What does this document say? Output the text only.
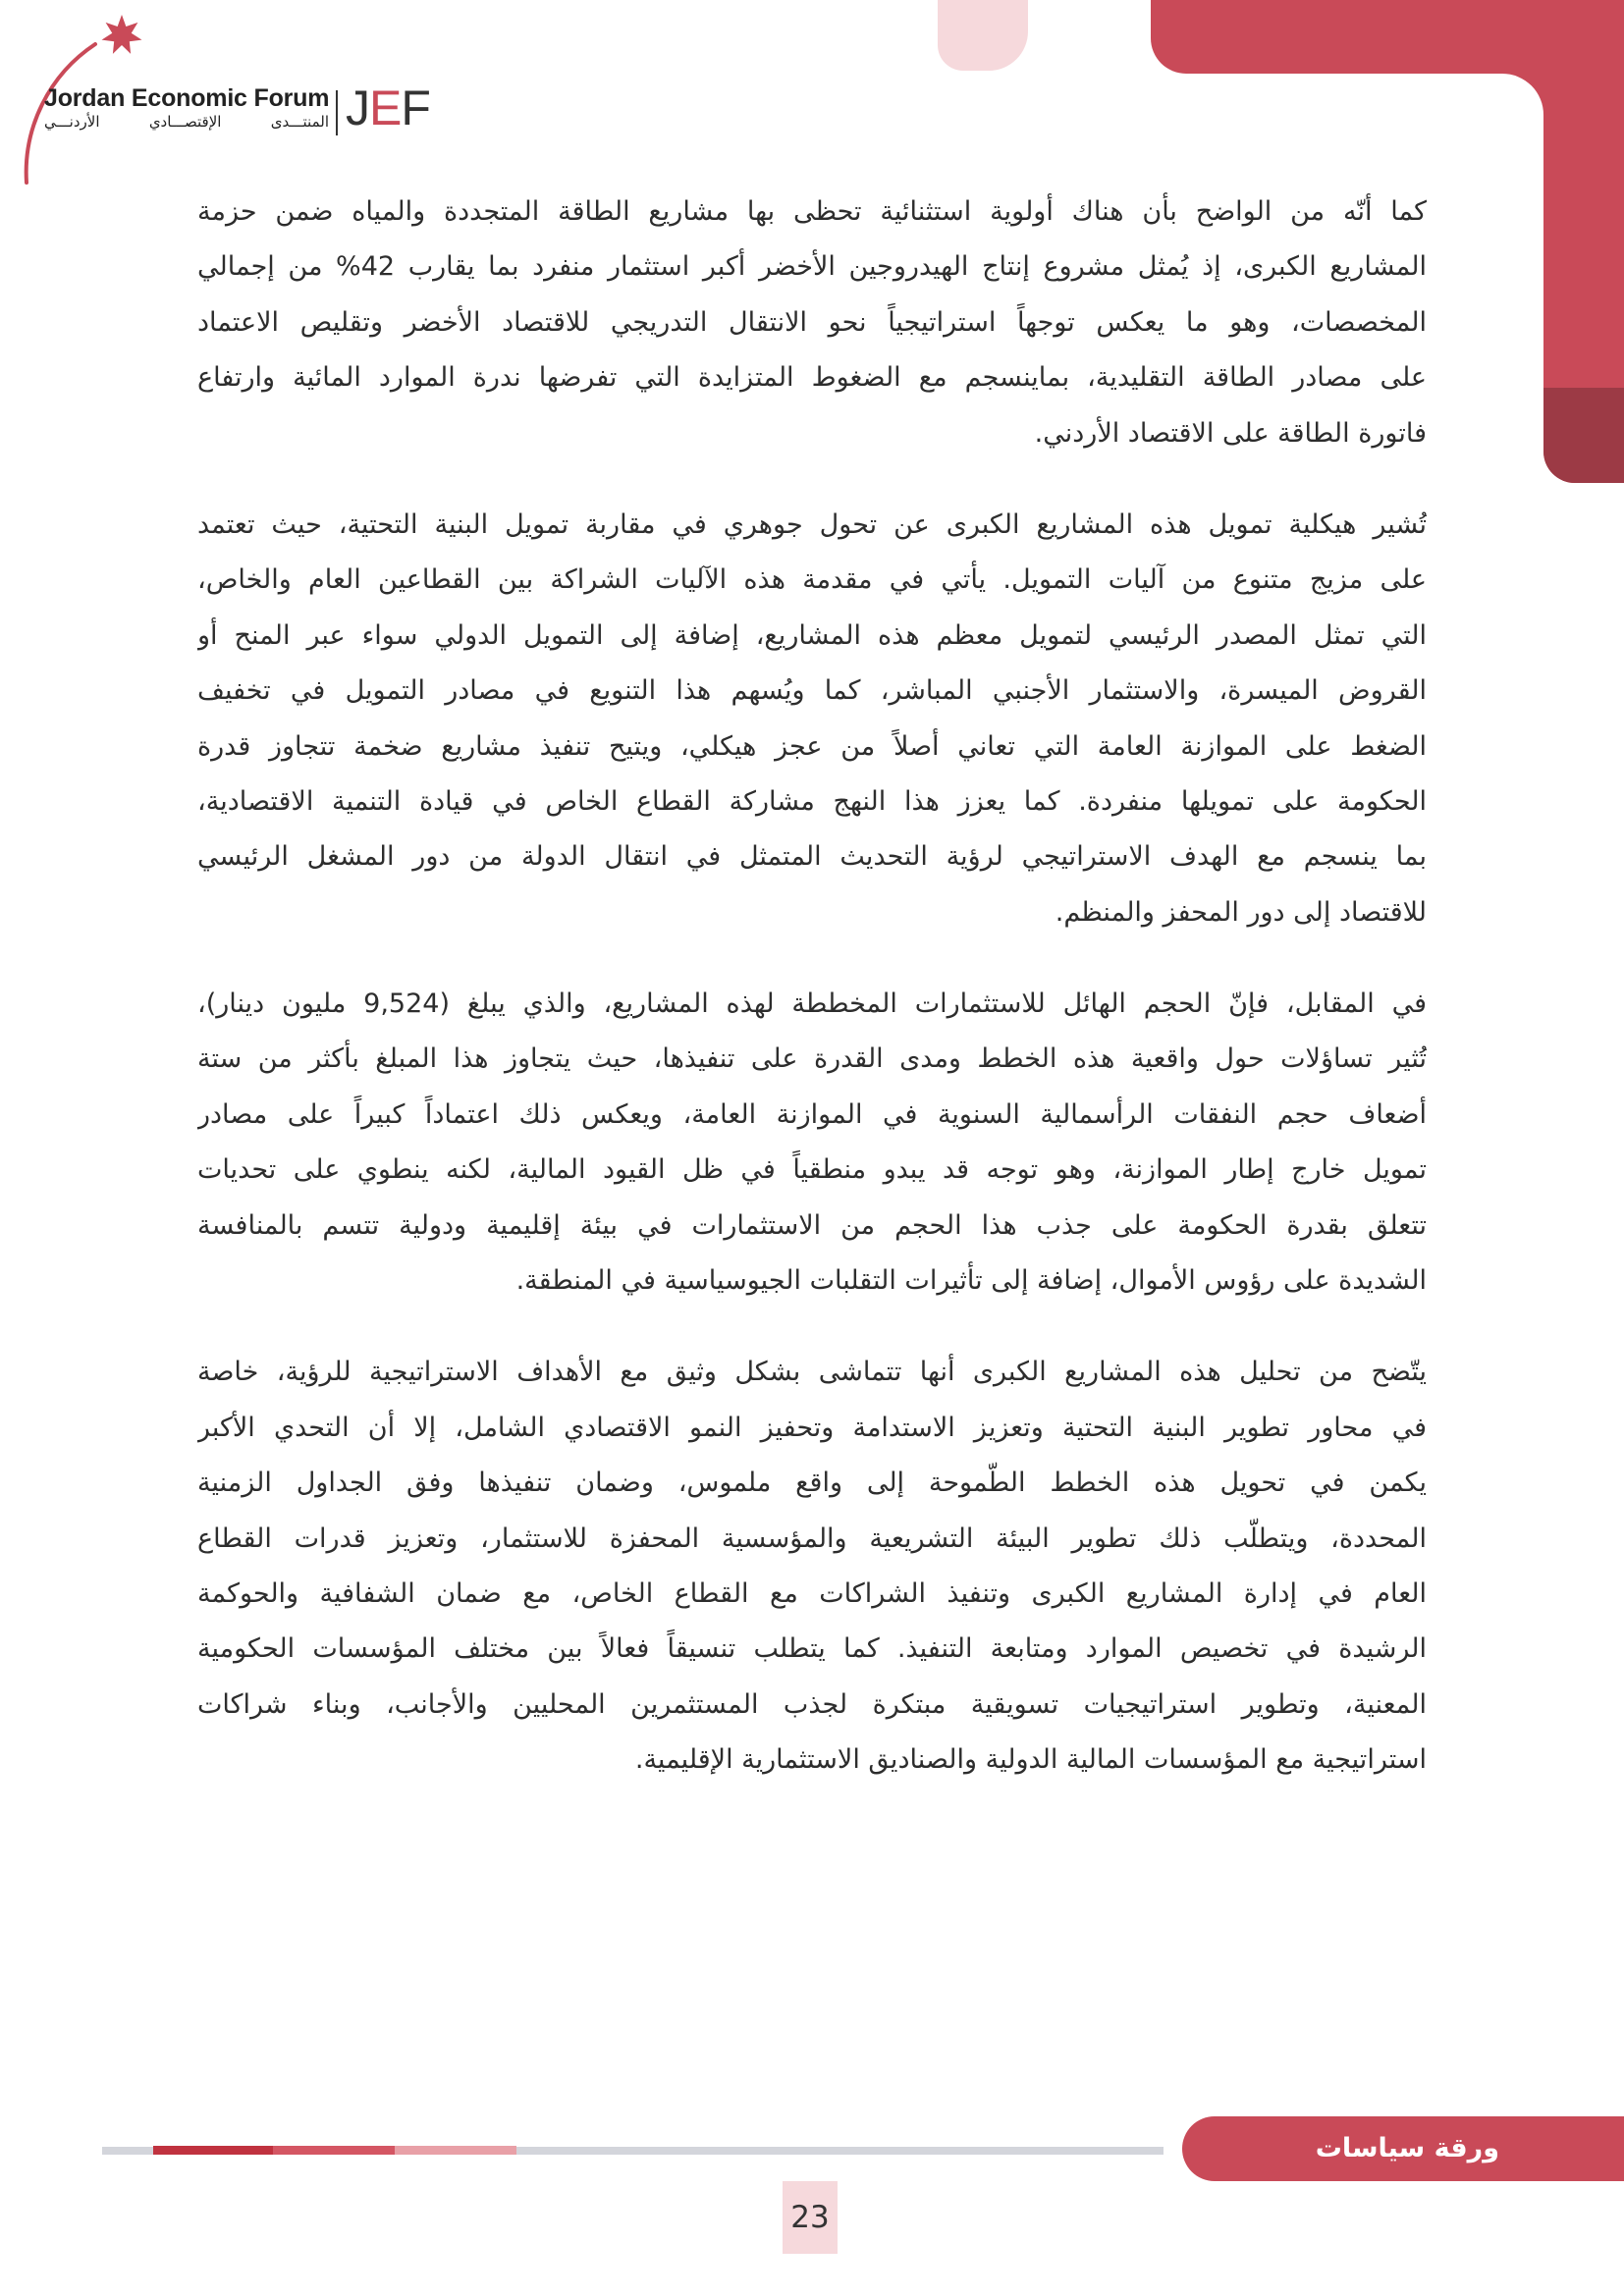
Jordan Economic Forum
المنتـــدى الإقتصـــادي الأردنـــي JEF
كما أنّه من الواضح بأن هناك أولوية استثنائية تحظى بها مشاريع الطاقة المتجددة والمياه ضمن حزمة
المشاريع الكبرى، إذ يُمثل مشروع إنتاج الهيدروجين الأخضر أكبر استثمار منفرد بما يقارب 42% من إجمالي
المخصصات، وهو ما يعكس توجهاً استراتيجياً نحو الانتقال التدريجي للاقتصاد الأخضر وتقليص الاعتماد
على مصادر الطاقة التقليدية، بماينسجم مع الضغوط المتزايدة التي تفرضها ندرة الموارد المائية وارتفاع
فاتورة الطاقة على الاقتصاد الأردني.
تُشير هيكلية تمويل هذه المشاريع الكبرى عن تحول جوهري في مقاربة تمويل البنية التحتية، حيث تعتمد
على مزيج متنوع من آليات التمويل. يأتي في مقدمة هذه الآليات الشراكة بين القطاعين العام والخاص،
التي تمثل المصدر الرئيسي لتمويل معظم هذه المشاريع، إضافة إلى التمويل الدولي سواء عبر المنح أو
القروض الميسرة، والاستثمار الأجنبي المباشر، كما ويُسهم هذا التنويع في مصادر التمويل في تخفيف
الضغط على الموازنة العامة التي تعاني أصلاً من عجز هيكلي، ويتيح تنفيذ مشاريع ضخمة تتجاوز قدرة
الحكومة على تمويلها منفردة. كما يعزز هذا النهج مشاركة القطاع الخاص في قيادة التنمية الاقتصادية،
بما ينسجم مع الهدف الاستراتيجي لرؤية التحديث المتمثل في انتقال الدولة من دور المشغل الرئيسي
للاقتصاد إلى دور المحفز والمنظم.
في المقابل، فإنّ الحجم الهائل للاستثمارات المخططة لهذه المشاريع، والذي يبلغ (9,524 مليون دينار)،
تُثير تساؤلات حول واقعية هذه الخطط ومدى القدرة على تنفيذها، حيث يتجاوز هذا المبلغ بأكثر من ستة
أضعاف حجم النفقات الرأسمالية السنوية في الموازنة العامة، ويعكس ذلك اعتماداً كبيراً على مصادر
تمويل خارج إطار الموازنة، وهو توجه قد يبدو منطقياً في ظل القيود المالية، لكنه ينطوي على تحديات
تتعلق بقدرة الحكومة على جذب هذا الحجم من الاستثمارات في بيئة إقليمية ودولية تتسم بالمنافسة
الشديدة على رؤوس الأموال، إضافة إلى تأثيرات التقلبات الجيوسياسية في المنطقة.
يتّضح من تحليل هذه المشاريع الكبرى أنها تتماشى بشكل وثيق مع الأهداف الاستراتيجية للرؤية، خاصة
في محاور تطوير البنية التحتية وتعزيز الاستدامة وتحفيز النمو الاقتصادي الشامل، إلا أن التحدي الأكبر
يكمن في تحويل هذه الخطط الطّموحة إلى واقع ملموس، وضمان تنفيذها وفق الجداول الزمنية
المحددة، ويتطلّب ذلك تطوير البيئة التشريعية والمؤسسية المحفزة للاستثمار، وتعزيز قدرات القطاع
العام في إدارة المشاريع الكبرى وتنفيذ الشراكات مع القطاع الخاص، مع ضمان الشفافية والحوكمة
الرشيدة في تخصيص الموارد ومتابعة التنفيذ. كما يتطلب تنسيقاً فعالاً بين مختلف المؤسسات الحكومية
المعنية، وتطوير استراتيجيات تسويقية مبتكرة لجذب المستثمرين المحليين والأجانب، وبناء شراكات
استراتيجية مع المؤسسات المالية الدولية والصناديق الاستثمارية الإقليمية.
ورقة سياسات
23
